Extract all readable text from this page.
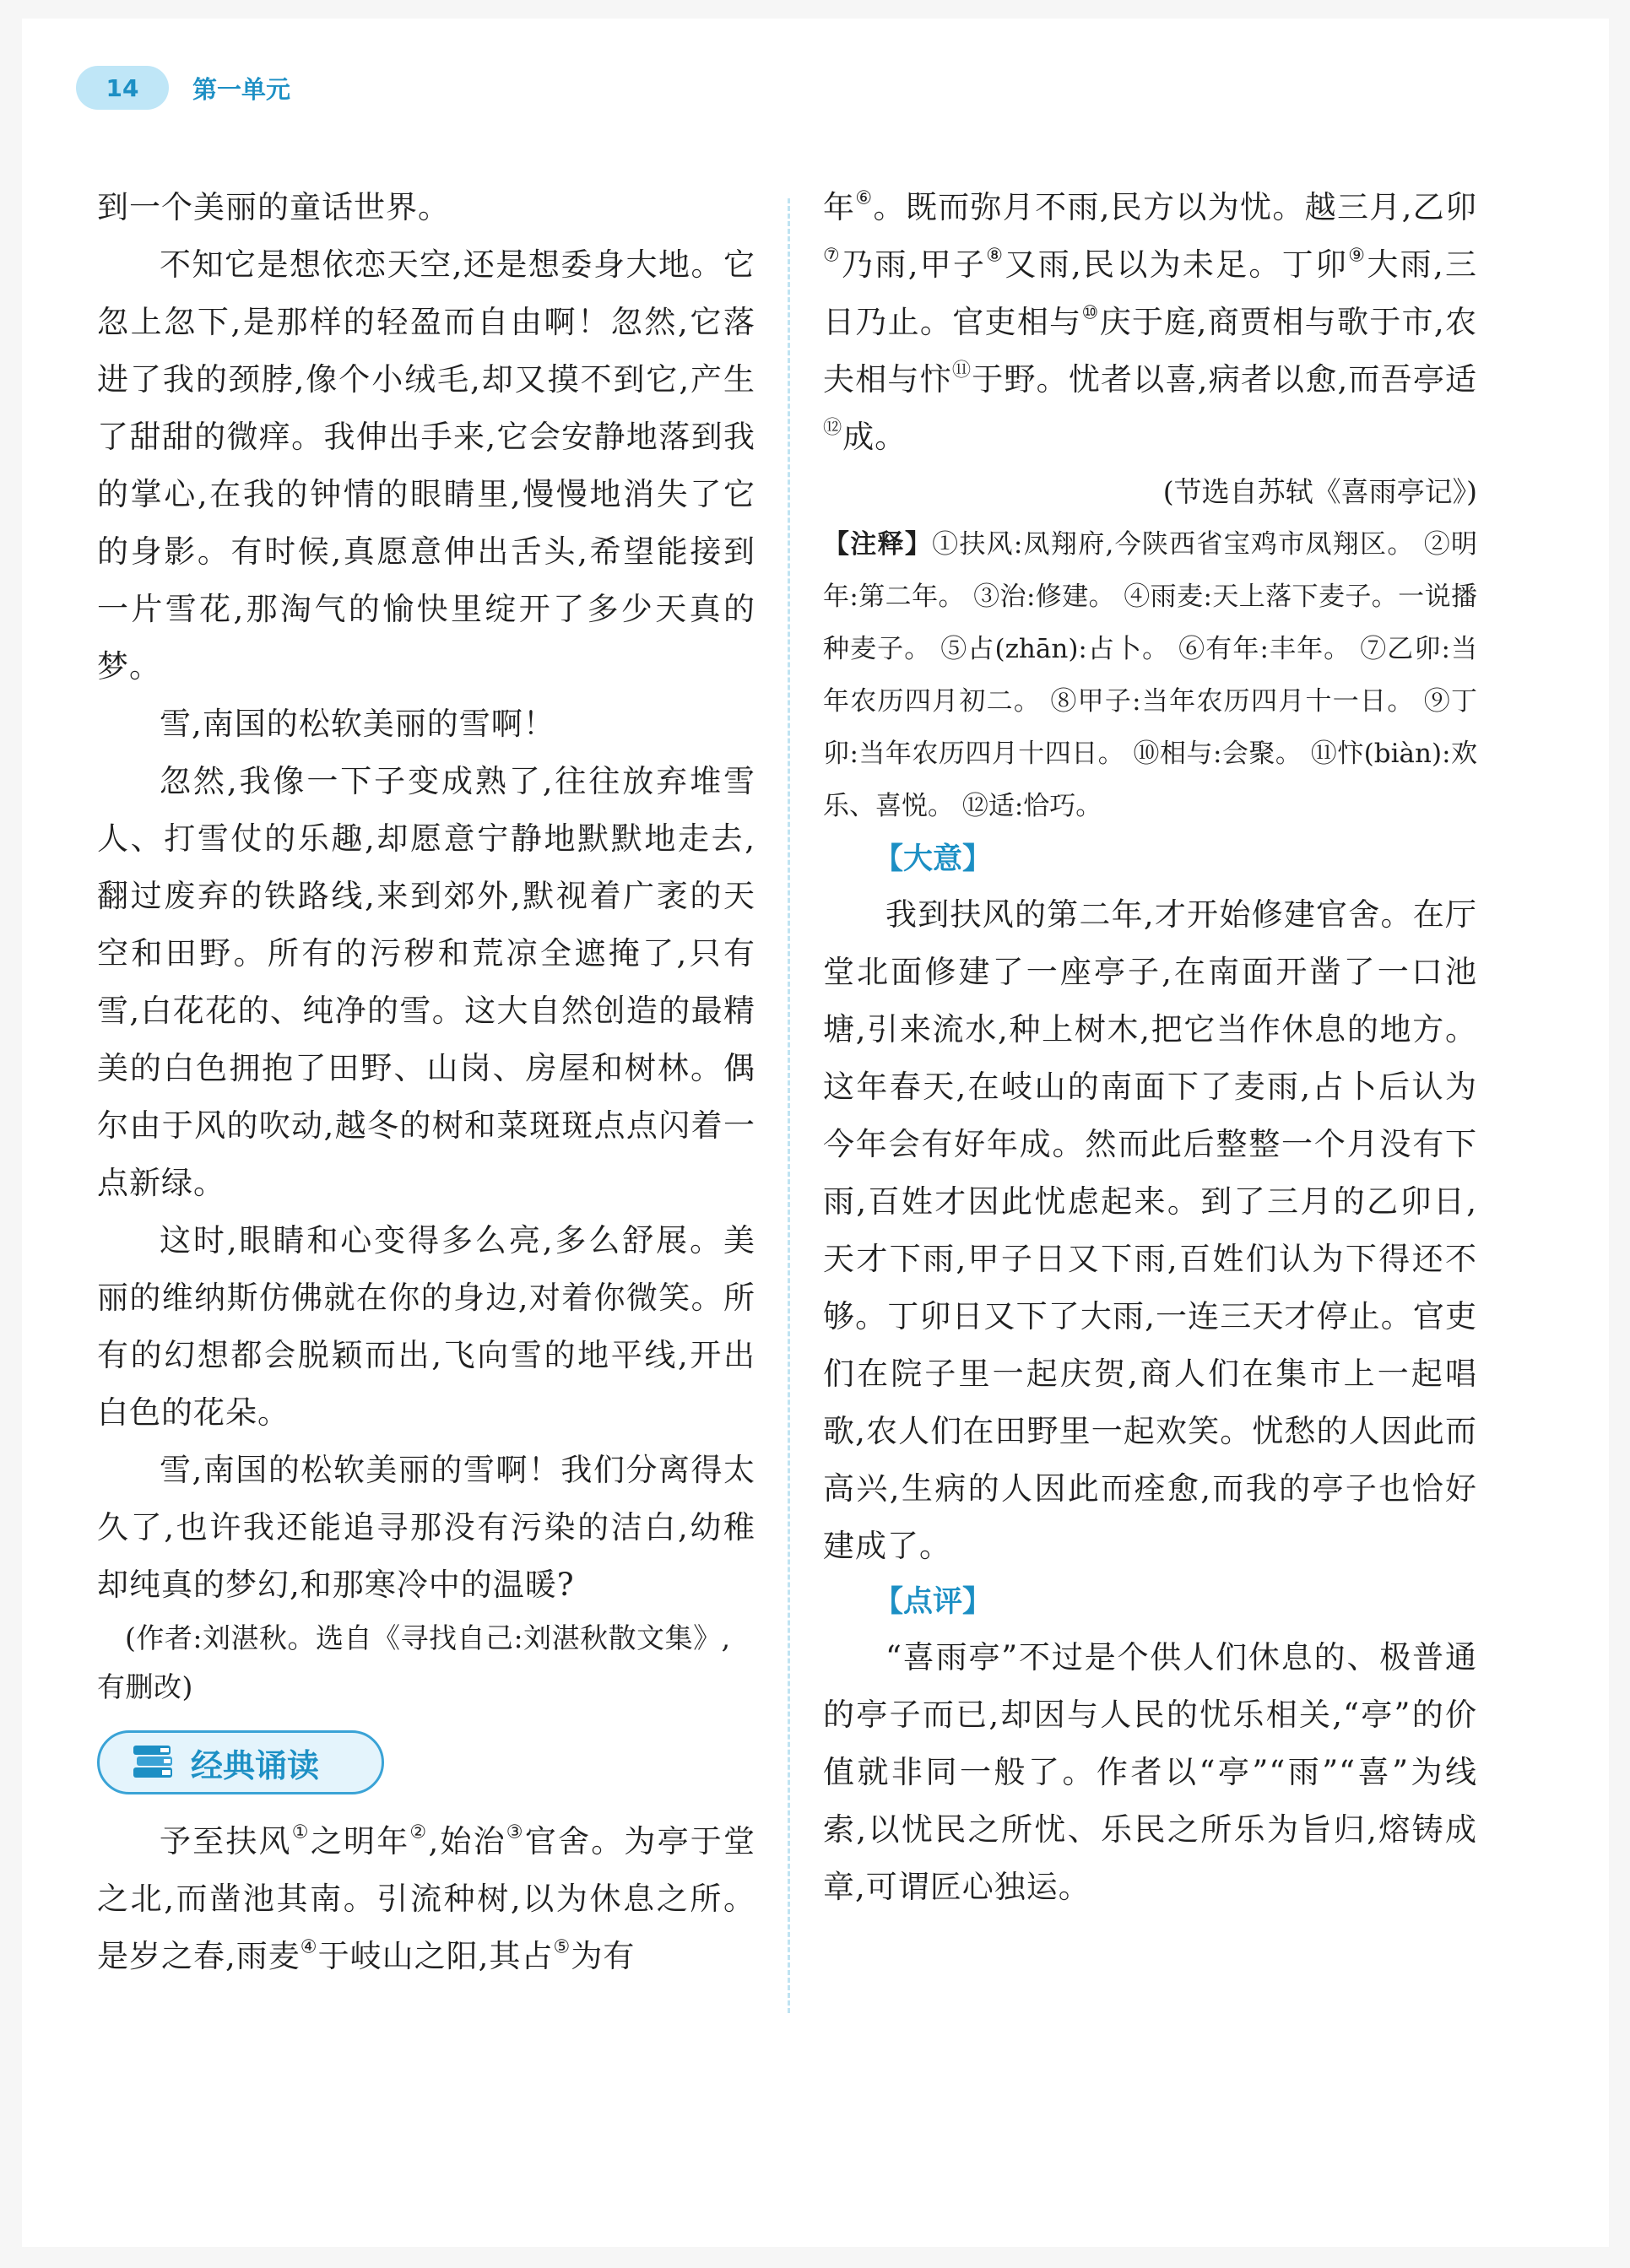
14	第一单元

到一个美丽的童话世界。

不知它是想依恋天空,还是想委身大地。它忽上忽下,是那样的轻盈而自由啊！忽然,它落进了我的颈脖,像个小绒毛,却又摸不到它,产生了甜甜的微痒。我伸出手来,它会安静地落到我的掌心,在我的钟情的眼睛里,慢慢地消失了它的身影。有时候,真愿意伸出舌头,希望能接到一片雪花,那淘气的愉快里绽开了多少天真的梦。

雪,南国的松软美丽的雪啊！

忽然,我像一下子变成熟了,往往放弃堆雪人、打雪仗的乐趣,却愿意宁静地默默地走去,翻过废弃的铁路线,来到郊外,默视着广袤的天空和田野。所有的污秽和荒凉全遮掩了,只有雪,白花花的、纯净的雪。这大自然创造的最精美的白色拥抱了田野、山岗、房屋和树林。偶尔由于风的吹动,越冬的树和菜斑斑点点闪着一点新绿。

这时,眼睛和心变得多么亮,多么舒展。美丽的维纳斯仿佛就在你的身边,对着你微笑。所有的幻想都会脱颖而出,飞向雪的地平线,开出白色的花朵。

雪,南国的松软美丽的雪啊！我们分离得太久了,也许我还能追寻那没有污染的洁白,幼稚却纯真的梦幻,和那寒冷中的温暖?

(作者:刘湛秋。选自《寻找自己:刘湛秋散文集》,有删改)

经典诵读

予至扶风①之明年②,始治③官舍。为亭于堂之北,而凿池其南。引流种树,以为休息之所。是岁之春,雨麦④于岐山之阳,其占⑤为有

年⑥。既而弥月不雨,民方以为忧。越三月,乙卯⑦乃雨,甲子⑧又雨,民以为未足。丁卯⑨大雨,三日乃止。官吏相与⑩庆于庭,商贾相与歌于市,农夫相与忭⑪于野。忧者以喜,病者以愈,而吾亭适⑫成。

(节选自苏轼《喜雨亭记》)

【注释】①扶风:凤翔府,今陕西省宝鸡市凤翔区。 ②明年:第二年。 ③治:修建。 ④雨麦:天上落下麦子。一说播种麦子。 ⑤占(zhān):占卜。 ⑥有年:丰年。 ⑦乙卯:当年农历四月初二。 ⑧甲子:当年农历四月十一日。 ⑨丁卯:当年农历四月十四日。 ⑩相与:会聚。 ⑪忭(biàn):欢乐、喜悦。 ⑫适:恰巧。

【大意】

我到扶风的第二年,才开始修建官舍。在厅堂北面修建了一座亭子,在南面开凿了一口池塘,引来流水,种上树木,把它当作休息的地方。这年春天,在岐山的南面下了麦雨,占卜后认为今年会有好年成。然而此后整整一个月没有下雨,百姓才因此忧虑起来。到了三月的乙卯日,天才下雨,甲子日又下雨,百姓们认为下得还不够。丁卯日又下了大雨,一连三天才停止。官吏们在院子里一起庆贺,商人们在集市上一起唱歌,农人们在田野里一起欢笑。忧愁的人因此而高兴,生病的人因此而痊愈,而我的亭子也恰好建成了。

【点评】

“喜雨亭”不过是个供人们休息的、极普通的亭子而已,却因与人民的忧乐相关,“亭”的价值就非同一般了。作者以“亭”“雨”“喜”为线索,以忧民之所忧、乐民之所乐为旨归,熔铸成章,可谓匠心独运。
